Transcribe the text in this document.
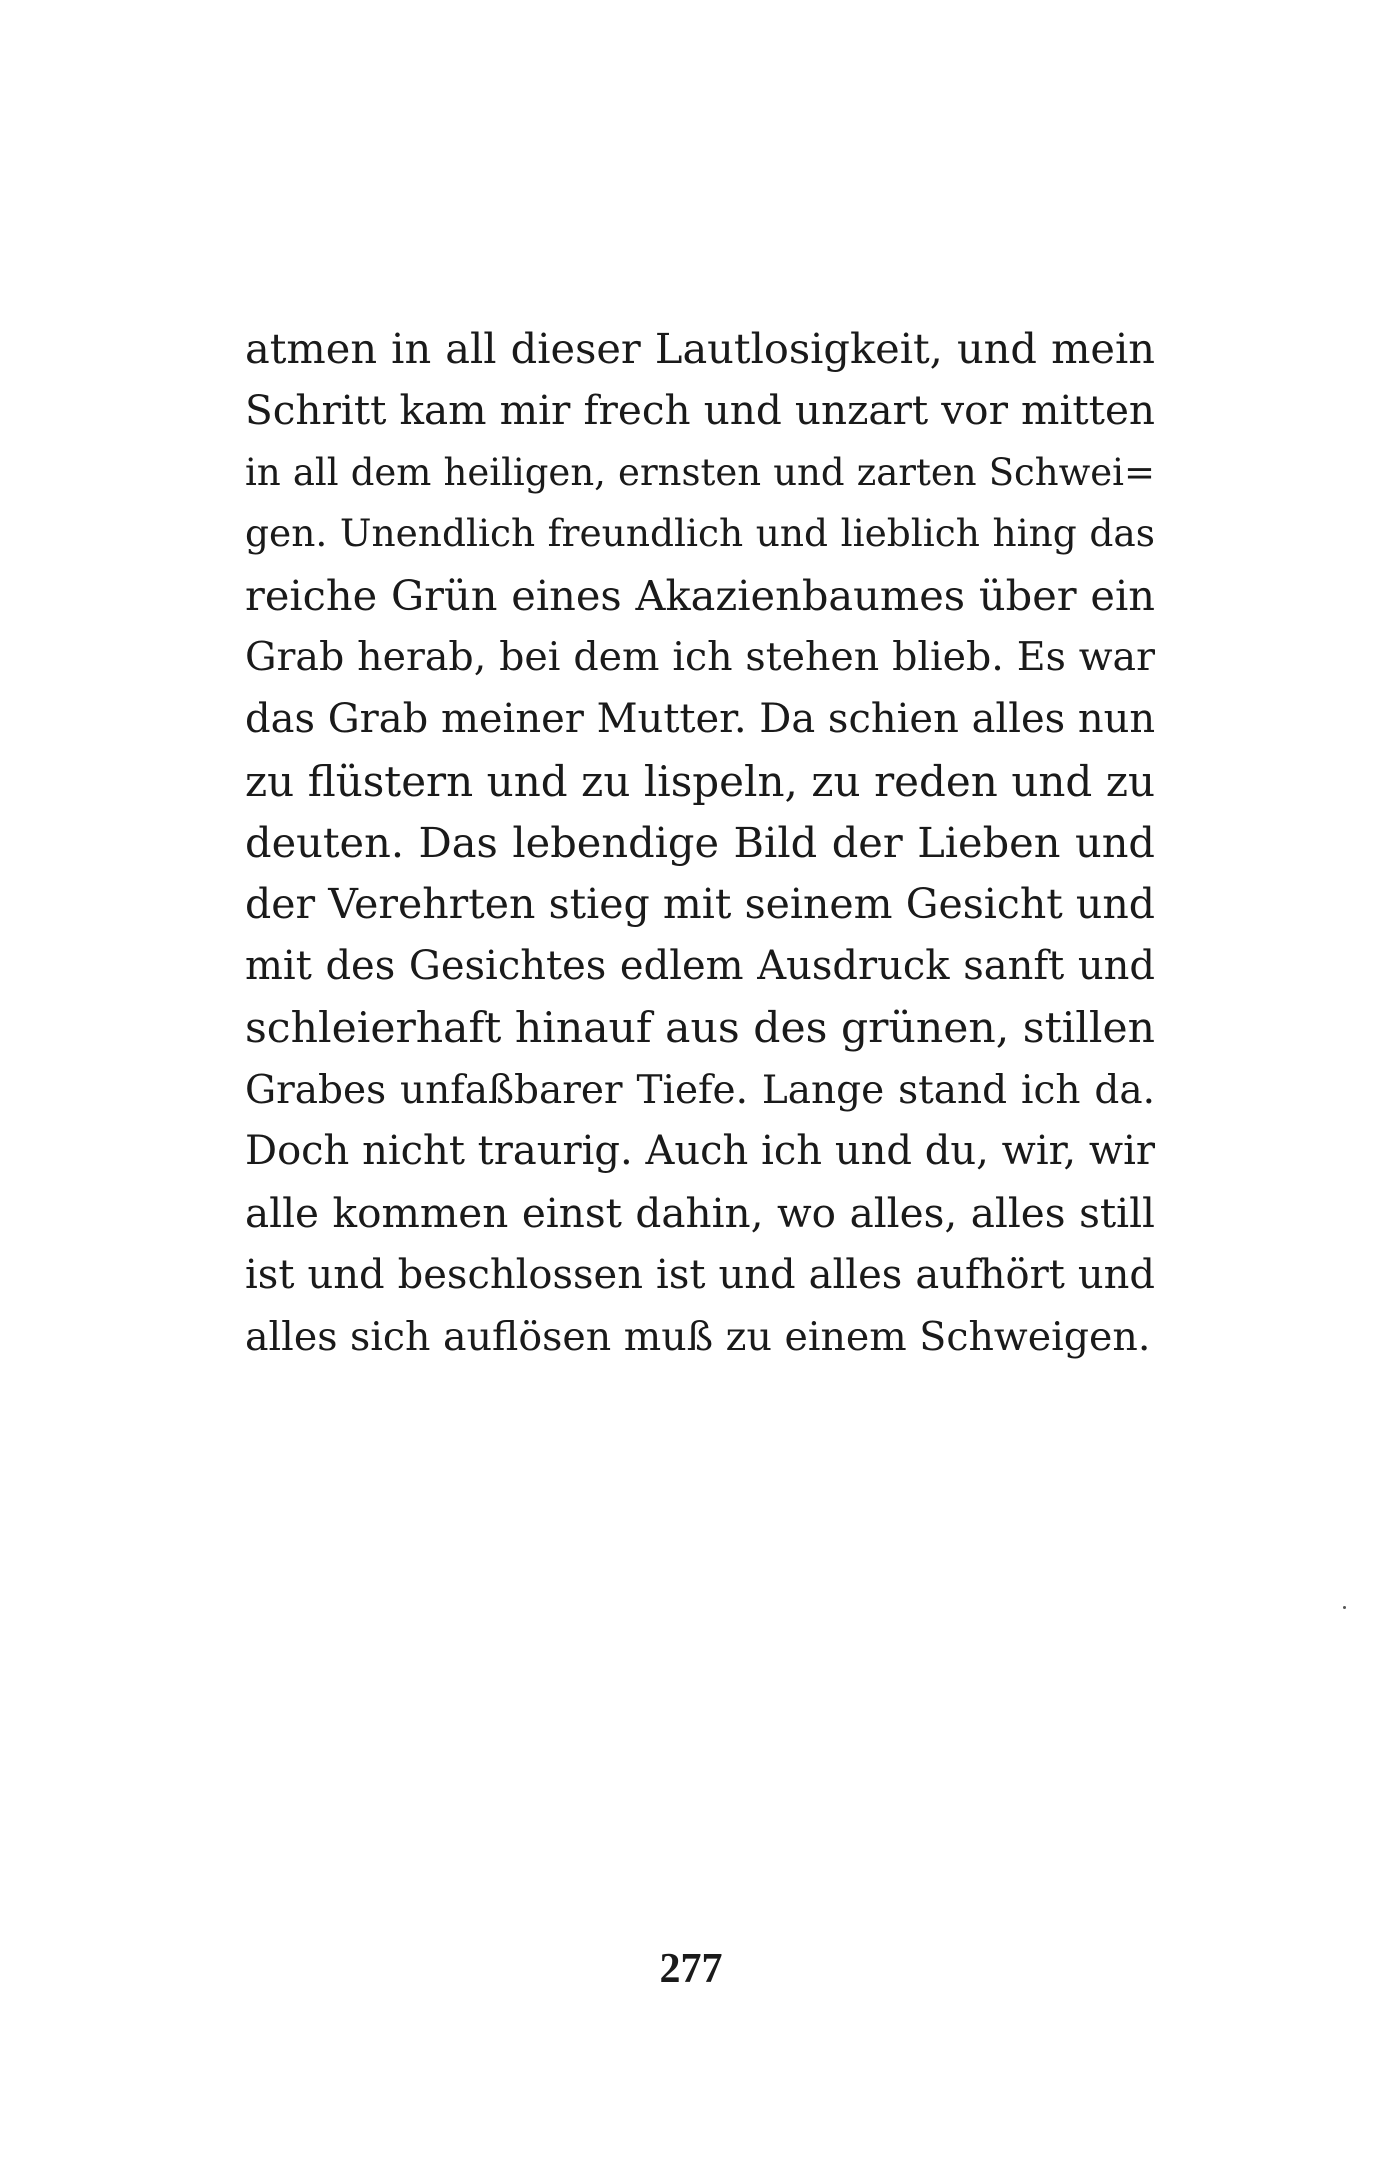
atmen in all dieser Lautlosigkeit, und mein
Schritt kam mir frech und unzart vor mitten
in all dem heiligen, ernsten und zarten Schwei=
gen. Unendlich freundlich und lieblich hing das
reiche Grün eines Akazienbaumes über ein
Grab herab, bei dem ich stehen blieb. Es war
das Grab meiner Mutter. Da schien alles nun
zu flüstern und zu lispeln, zu reden und zu
deuten. Das lebendige Bild der Lieben und
der Verehrten stieg mit seinem Gesicht und
mit des Gesichtes edlem Ausdruck sanft und
schleierhaft hinauf aus des grünen, stillen
Grabes unfaßbarer Tiefe. Lange stand ich da.
Doch nicht traurig. Auch ich und du, wir, wir
alle kommen einst dahin, wo alles, alles still
ist und beschlossen ist und alles aufhört und
alles sich auflösen muß zu einem Schweigen.
277
